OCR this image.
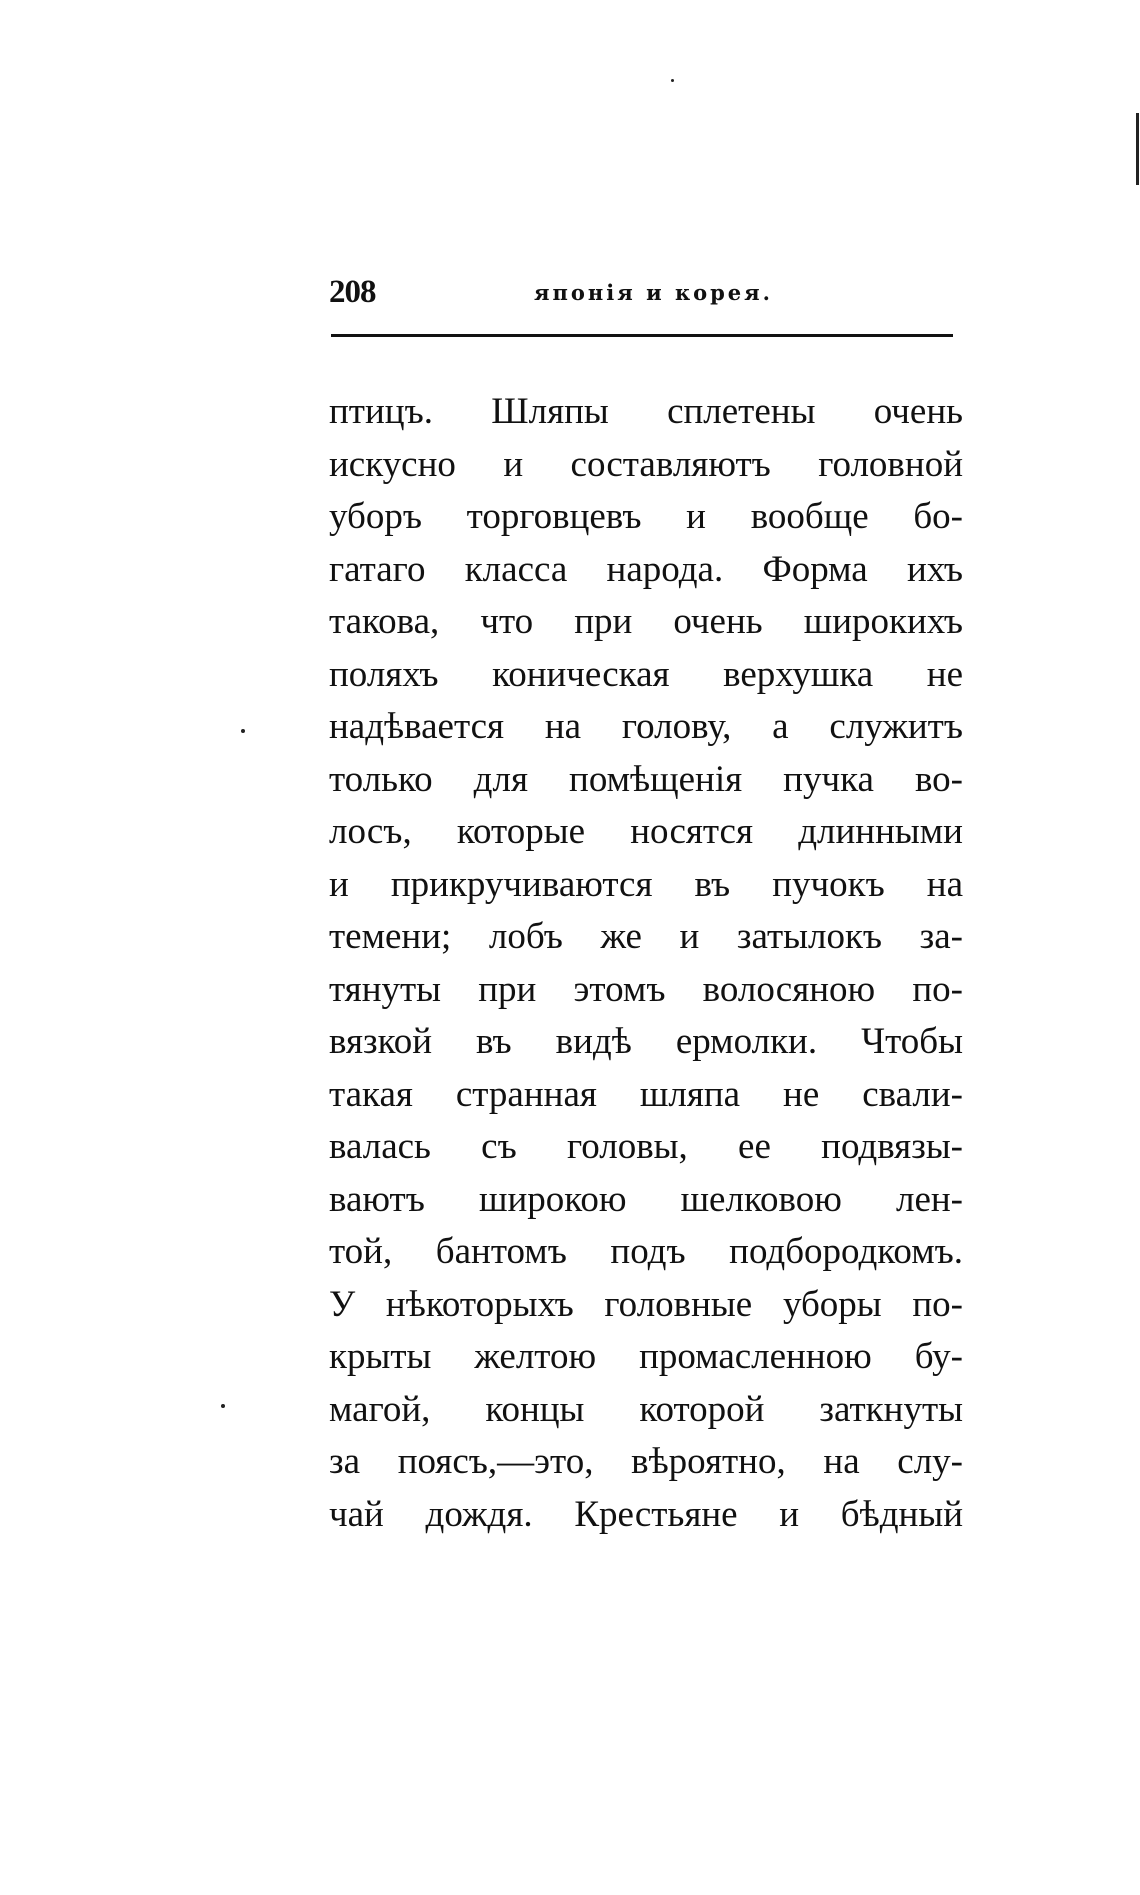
208	японія и корея.
птицъ. Шляпы сплетены очень
искусно и составляютъ головной
уборъ торговцевъ и вообще бо-
гатаго класса народа. Форма ихъ
такова, что при очень широкихъ
поляхъ коническая верхушка не
надѣвается на голову, а служитъ
только для помѣщенія пучка во-
лосъ, которые носятся длинными
и прикручиваются въ пучокъ на
темени; лобъ же и затылокъ за-
тянуты при этомъ волосяною по-
вязкой въ видѣ ермолки. Чтобы
такая странная шляпа не свали-
валась съ головы, ее подвязы-
ваютъ широкою шелковою лен-
той, бантомъ подъ подбородкомъ.
У нѣкоторыхъ головные уборы по-
крыты желтою промасленною бу-
магой, концы которой заткнуты
за поясъ,—это, вѣроятно, на слу-
чай дождя. Крестьяне и бѣдный
